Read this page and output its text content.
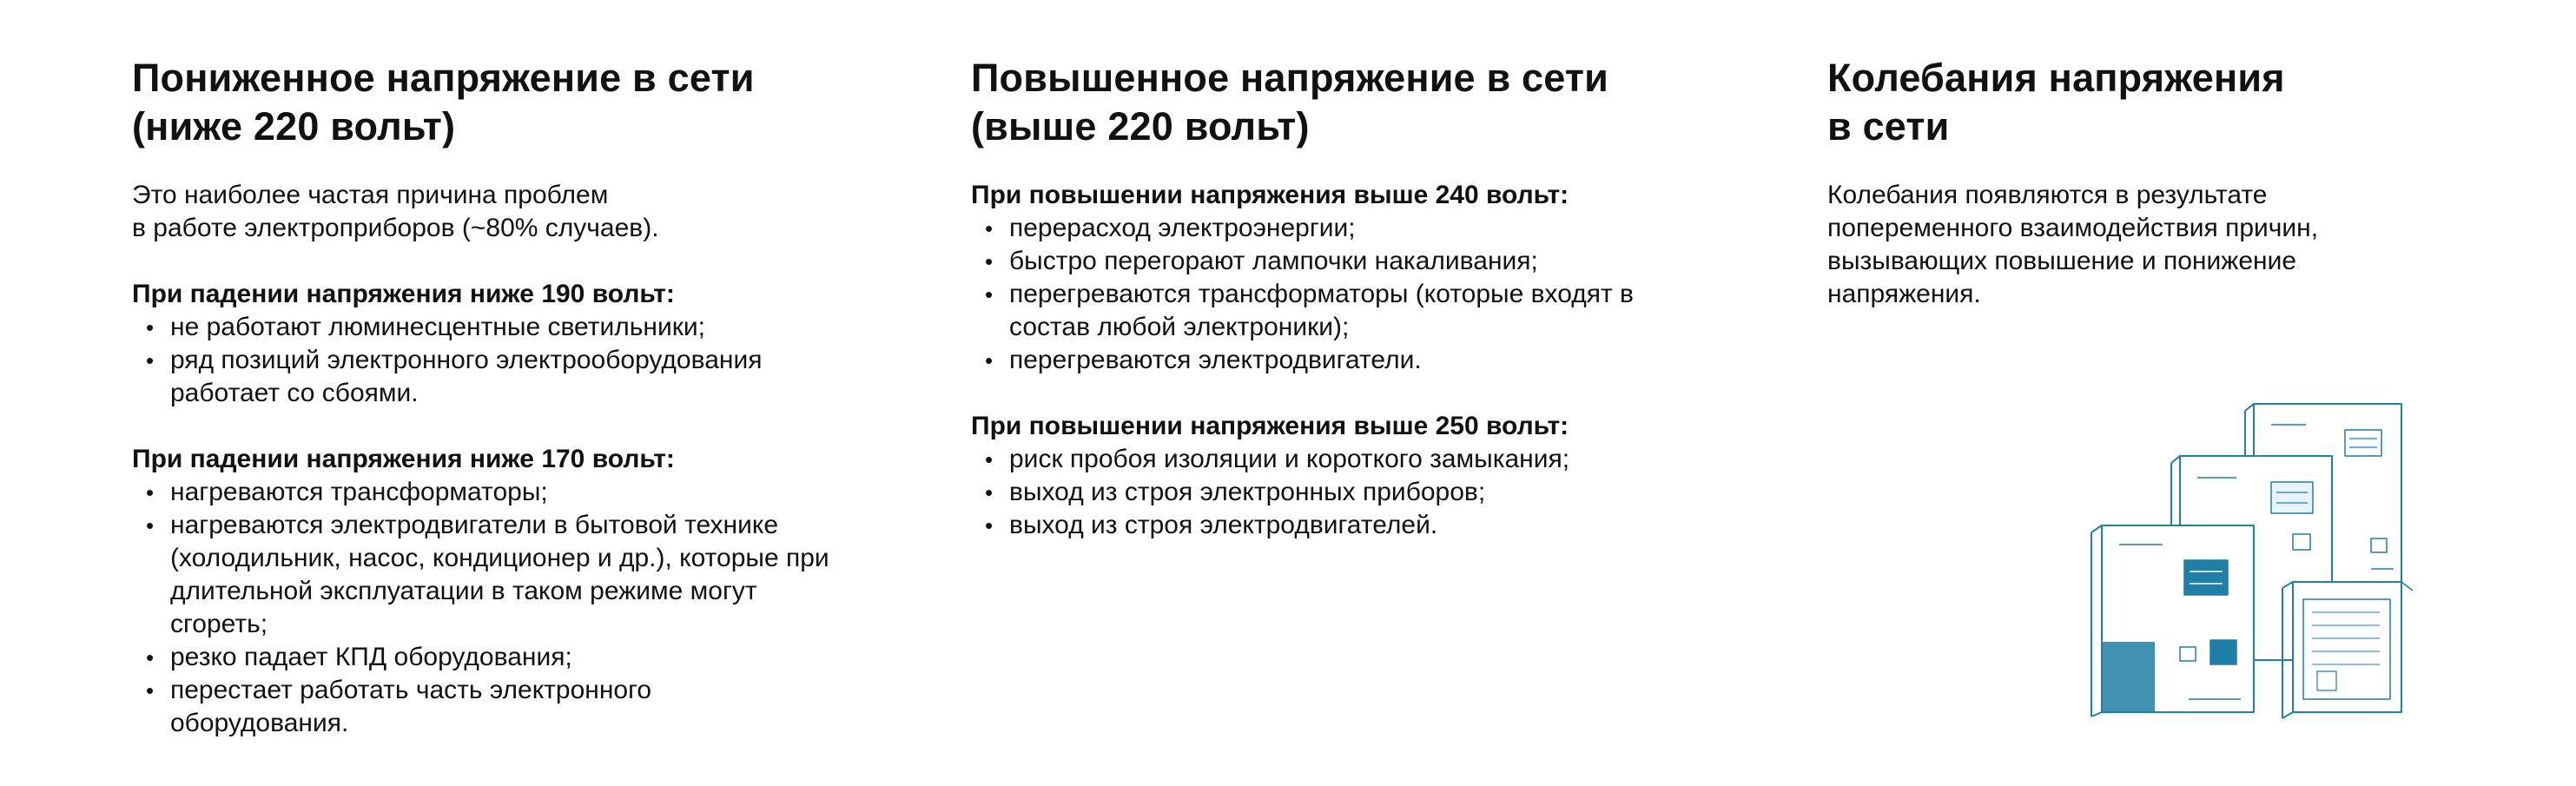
Пониженное напряжение в сети
(ниже 220 вольт)
Это наиболее частая причина проблем
в работе электроприборов (~80% случаев).

При падении напряжения ниже 190 вольт:

• не работают люминесцентные светильники;
• ряд позиций электронного электрооборудования работает со сбоями.

При падении напряжения ниже 170 вольт:

• нагреваются трансформаторы;
• нагреваются электродвигатели в бытовой технике (холодильник, насос, кондиционер и др.), которые при длительной эксплуатации в таком режиме могут сгореть;
• резко падает КПД оборудования;
• перестает работать часть электронного оборудования.
Повышенное напряжение в сети
(выше 220 вольт)

При повышении напряжения выше 240 вольт:

• перерасход электроэнергии;
• быстро перегорают лампочки накаливания;
• перегреваются трансформаторы (которые входят в состав любой электроники);
• перегреваются электродвигатели.

При повышении напряжения выше 250 вольт:

• риск пробоя изоляции и короткого замыкания;
• выход из строя электронных приборов;
• выход из строя электродвигателей.
Колебания напряжения
в сети
Колебания появляются в результате
попеременного взаимодействия причин,
вызывающих повышение и понижение
напряжения.
